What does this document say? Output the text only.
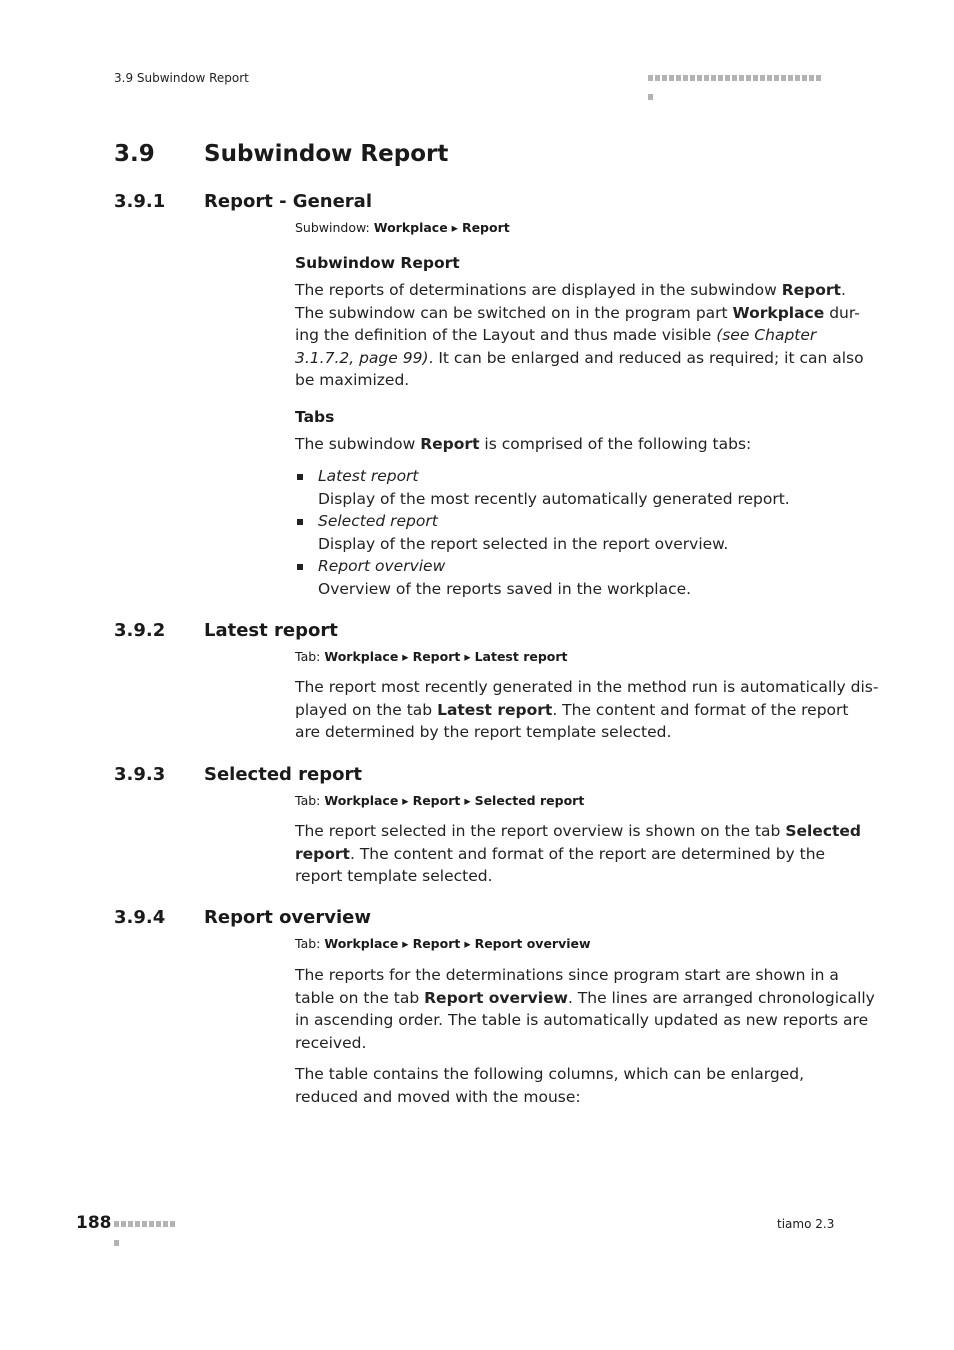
3.9 Subwindow Report
3.9 Subwindow Report
3.9.1 Report - General
Subwindow: Workplace ▸ Report
Subwindow Report
The reports of determinations are displayed in the subwindow Report.
The subwindow can be switched on in the program part Workplace dur-
ing the definition of the Layout and thus made visible (see Chapter
3.1.7.2, page 99). It can be enlarged and reduced as required; it can also
be maximized.
Tabs
The subwindow Report is comprised of the following tabs:
Latest report
Display of the most recently automatically generated report.
Selected report
Display of the report selected in the report overview.
Report overview
Overview of the reports saved in the workplace.
3.9.2 Latest report
Tab: Workplace ▸ Report ▸ Latest report
The report most recently generated in the method run is automatically dis-
played on the tab Latest report. The content and format of the report
are determined by the report template selected.
3.9.3 Selected report
Tab: Workplace ▸ Report ▸ Selected report
The report selected in the report overview is shown on the tab Selected
report. The content and format of the report are determined by the
report template selected.
3.9.4 Report overview
Tab: Workplace ▸ Report ▸ Report overview
The reports for the determinations since program start are shown in a
table on the tab Report overview. The lines are arranged chronologically
in ascending order. The table is automatically updated as new reports are
received.
The table contains the following columns, which can be enlarged,
reduced and moved with the mouse:
188	tiamo 2.3
